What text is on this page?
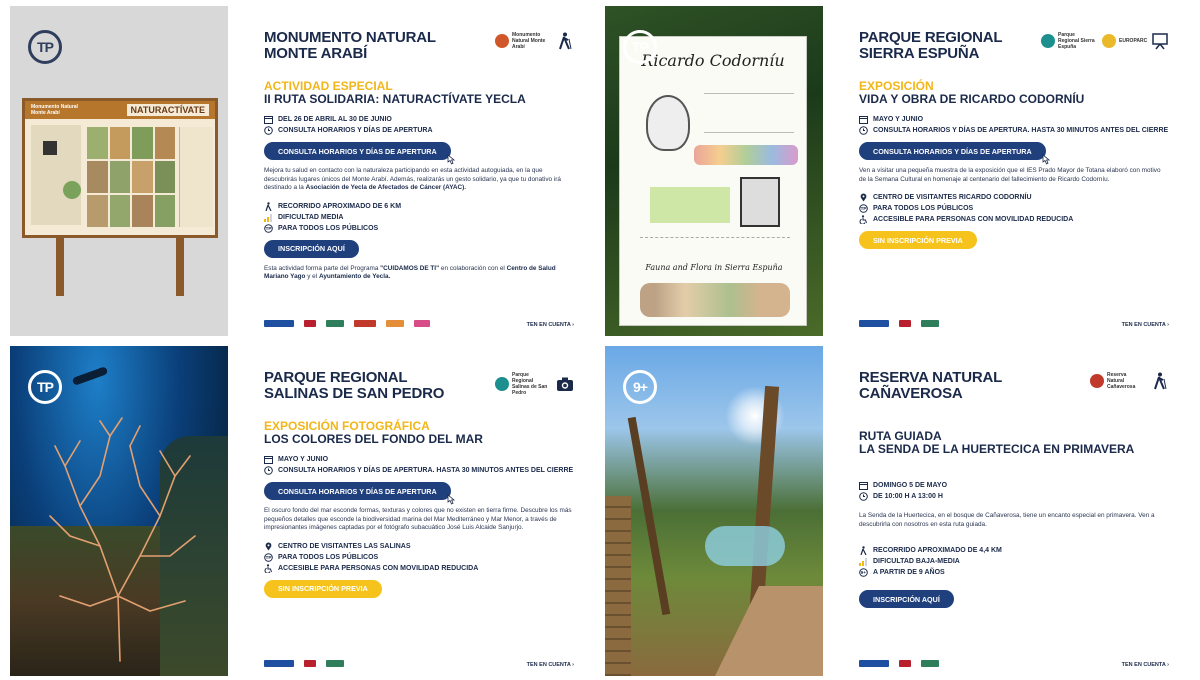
TP
Monumento Natural Monte Arabí	NATURACTÍVATE
MONUMENTO NATURAL MONTE ARABÍ
Monumento Natural Monte Arabí
ACTIVIDAD ESPECIAL
II RUTA SOLIDARIA: NATURACTÍVATE YECLA
DEL 26 DE ABRIL AL 30 DE JUNIO
CONSULTA HORARIOS Y DÍAS DE APERTURA
CONSULTA HORARIOS Y DÍAS DE APERTURA
Mejora tu salud en contacto con la naturaleza participando en esta actividad autoguiada, en la que descubrirás lugares únicos del Monte Arabí. Además, realizarás un gesto solidario, ya que tu donativo irá destinado a la Asociación de Yecla de Afectados de Cáncer (AYAC).
RECORRIDO APROXIMADO DE 6 KM
DIFICULTAD MEDIA
TP PARA TODOS LOS PÚBLICOS
INSCRIPCIÓN AQUÍ
Esta actividad forma parte del Programa "CUIDAMOS DE TI" en colaboración con el Centro de Salud Mariano Yago y el Ayuntamiento de Yecla.
TEN EN CUENTA ›
Ricardo Codorníu
Fauna and Flora in Sierra Espuña
TP
PARQUE REGIONAL SIERRA ESPUÑA
Parque Regional Sierra Espuña
EUROPARC
EXPOSICIÓN
VIDA Y OBRA DE RICARDO CODORNÍU
MAYO Y JUNIO
CONSULTA HORARIOS Y DÍAS DE APERTURA. HASTA 30 MINUTOS ANTES DEL CIERRE
CONSULTA HORARIOS Y DÍAS DE APERTURA
Ven a visitar una pequeña muestra de la exposición que el IES Prado Mayor de Totana elaboró con motivo de la Semana Cultural en homenaje al centenario del fallecimiento de Ricardo Codorníu.
CENTRO DE VISITANTES RICARDO CODORNÍU
TP PARA TODOS LOS PÚBLICOS
ACCESIBLE PARA PERSONAS CON MOVILIDAD REDUCIDA
SIN INSCRIPCIÓN PREVIA
TEN EN CUENTA ›
TP
PARQUE REGIONAL SALINAS DE SAN PEDRO
Parque Regional Salinas de San Pedro
EXPOSICIÓN FOTOGRÁFICA
LOS COLORES DEL FONDO DEL MAR
MAYO Y JUNIO
CONSULTA HORARIOS Y DÍAS DE APERTURA. HASTA 30 MINUTOS ANTES DEL CIERRE
CONSULTA HORARIOS Y DÍAS DE APERTURA
El oscuro fondo del mar esconde formas, texturas y colores que no existen en tierra firme. Descubre los más pequeños detalles que esconde la biodiversidad marina del Mar Mediterráneo y Mar Menor, a través de impresionantes imágenes captadas por el fotógrafo subacuático José Luis Alcaide Sanjurjo.
CENTRO DE VISITANTES LAS SALINAS
TP PARA TODOS LOS PÚBLICOS
ACCESIBLE PARA PERSONAS CON MOVILIDAD REDUCIDA
SIN INSCRIPCIÓN PREVIA
TEN EN CUENTA ›
9+
RESERVA NATURAL CAÑAVEROSA
Reserva Natural Cañaverosa
RUTA GUIADA
LA SENDA DE LA HUERTECICA EN PRIMAVERA
DOMINGO 5 DE MAYO
DE 10:00 H A 13:00 H
La Senda de la Huertecica, en el bosque de Cañaverosa, tiene un encanto especial en primavera. Ven a descubrirla con nosotros en esta ruta guiada.
RECORRIDO APROXIMADO DE 4,4 KM
DIFICULTAD BAJA-MEDIA
9+ A PARTIR DE 9 AÑOS
INSCRIPCIÓN AQUÍ
TEN EN CUENTA ›
